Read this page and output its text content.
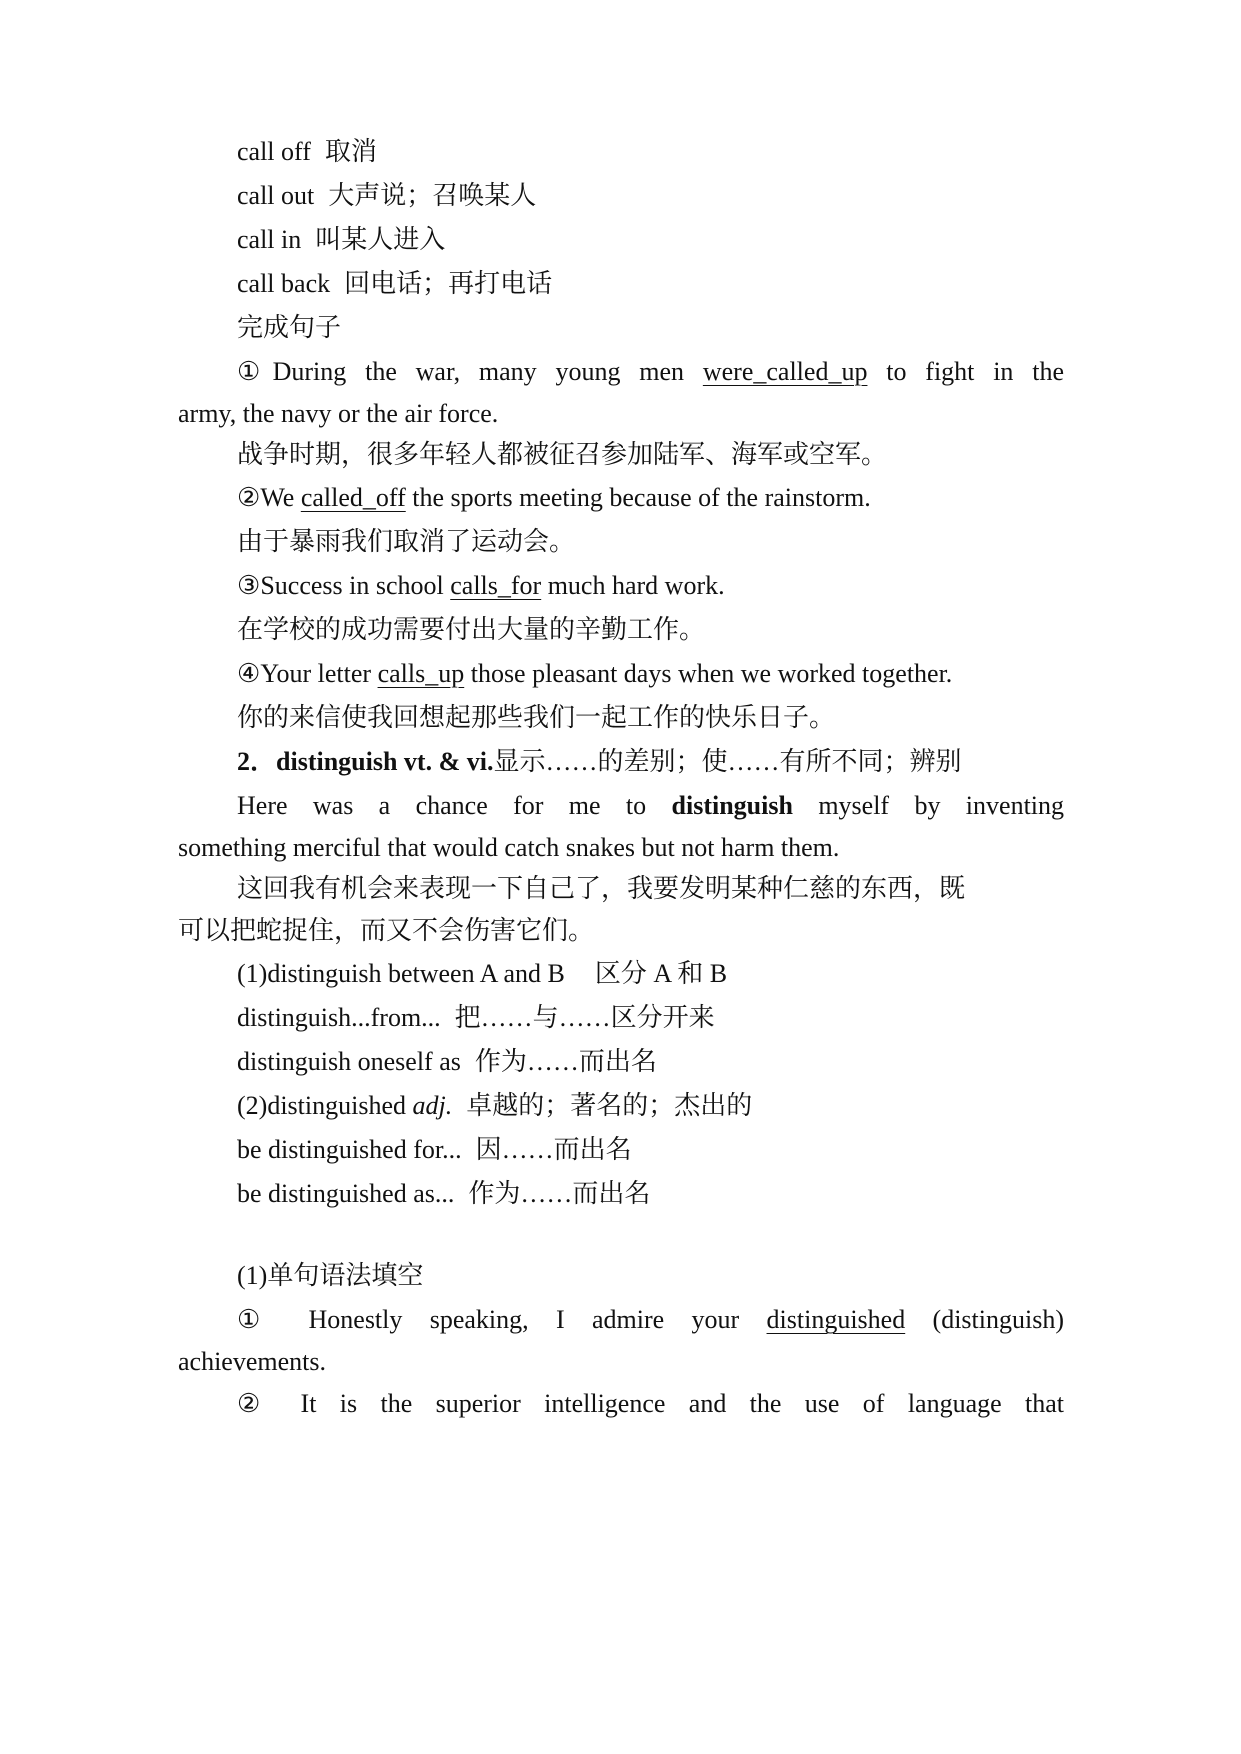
call off 取消
call out 大声说；召唤某人
call in 叫某人进入
call back 回电话；再打电话
完成句子
①During the war, many young men were_called_up to fight in the
army, the navy or the air force.
战争时期，很多年轻人都被征召参加陆军、海军或空军。
②We called_off the sports meeting because of the rainstorm.
由于暴雨我们取消了运动会。
③Success in school calls_for much hard work.
在学校的成功需要付出大量的辛勤工作。
④Your letter calls_up those pleasant days when we worked together.
你的来信使我回想起那些我们一起工作的快乐日子。
2．distinguish vt. & vi.显示……的差别；使……有所不同；辨别
Here was a chance for me to distinguish myself by inventing
something merciful that would catch snakes but not harm them.
这回我有机会来表现一下自己了，我要发明某种仁慈的东西，既
可以把蛇捉住，而又不会伤害它们。
(1)distinguish between A and B 区分 A 和 B
distinguish...from... 把……与……区分开来
distinguish oneself as 作为……而出名
(2)distinguished adj. 卓越的；著名的；杰出的
be distinguished for... 因……而出名
be distinguished as... 作为……而出名
(1)单句语法填空
① Honestly speaking, I admire your distinguished (distinguish)
achievements.
② It is the superior intelligence and the use of language that
